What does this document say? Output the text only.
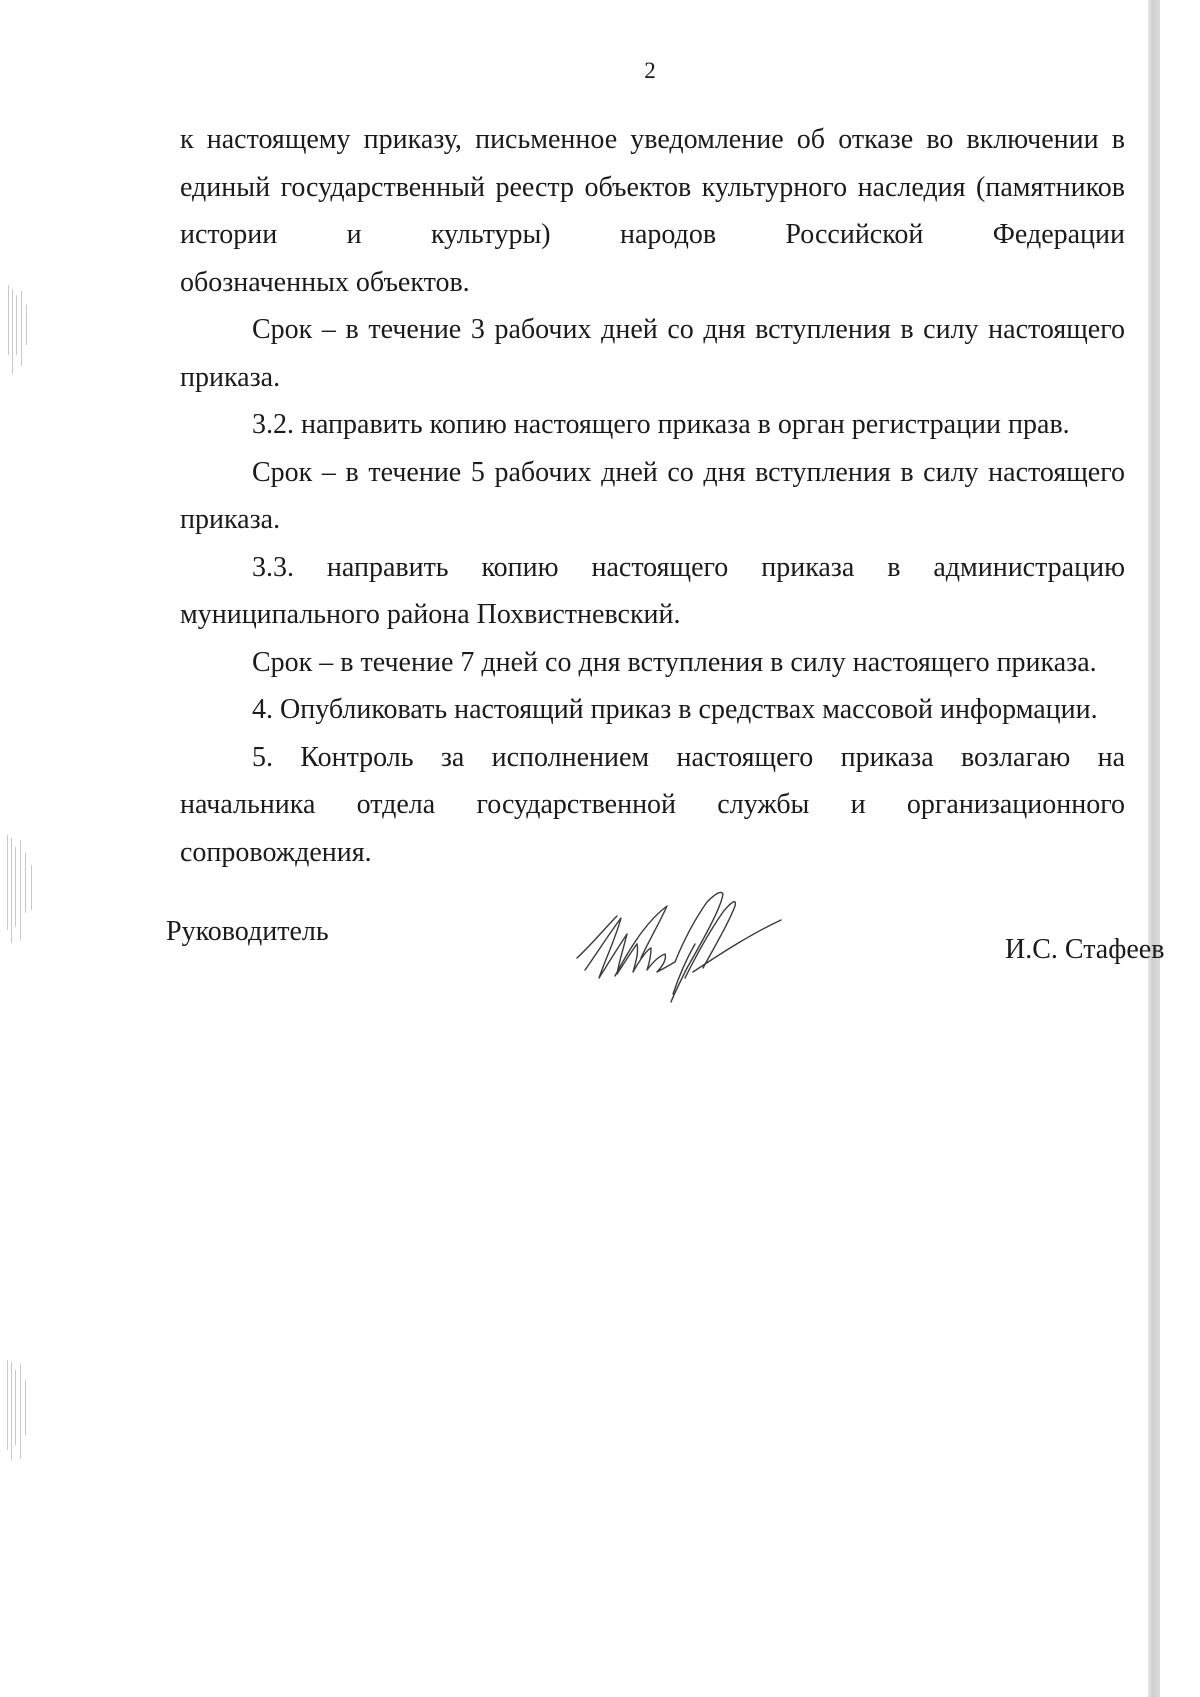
2

к настоящему приказу, письменное уведомление об отказе во включении в единый государственный реестр объектов культурного наследия (памятников истории и культуры) народов Российской Федерации

обозначенных объектов.

Срок – в течение 3 рабочих дней со дня вступления в силу настоящего

приказа.

3.2. направить копию настоящего приказа в орган регистрации прав.

Срок – в течение 5 рабочих дней со дня вступления в силу настоящего

приказа.

3.3. направить копию настоящего приказа в администрацию

муниципального района Похвистневский.

Срок – в течение 7 дней со дня вступления в силу настоящего приказа.

4. Опубликовать настоящий приказ в средствах массовой информации.

5. Контроль за исполнением настоящего приказа возлагаю на начальника отдела государственной службы и организационного

сопровождения.

Руководитель
И.С. Стафеев
